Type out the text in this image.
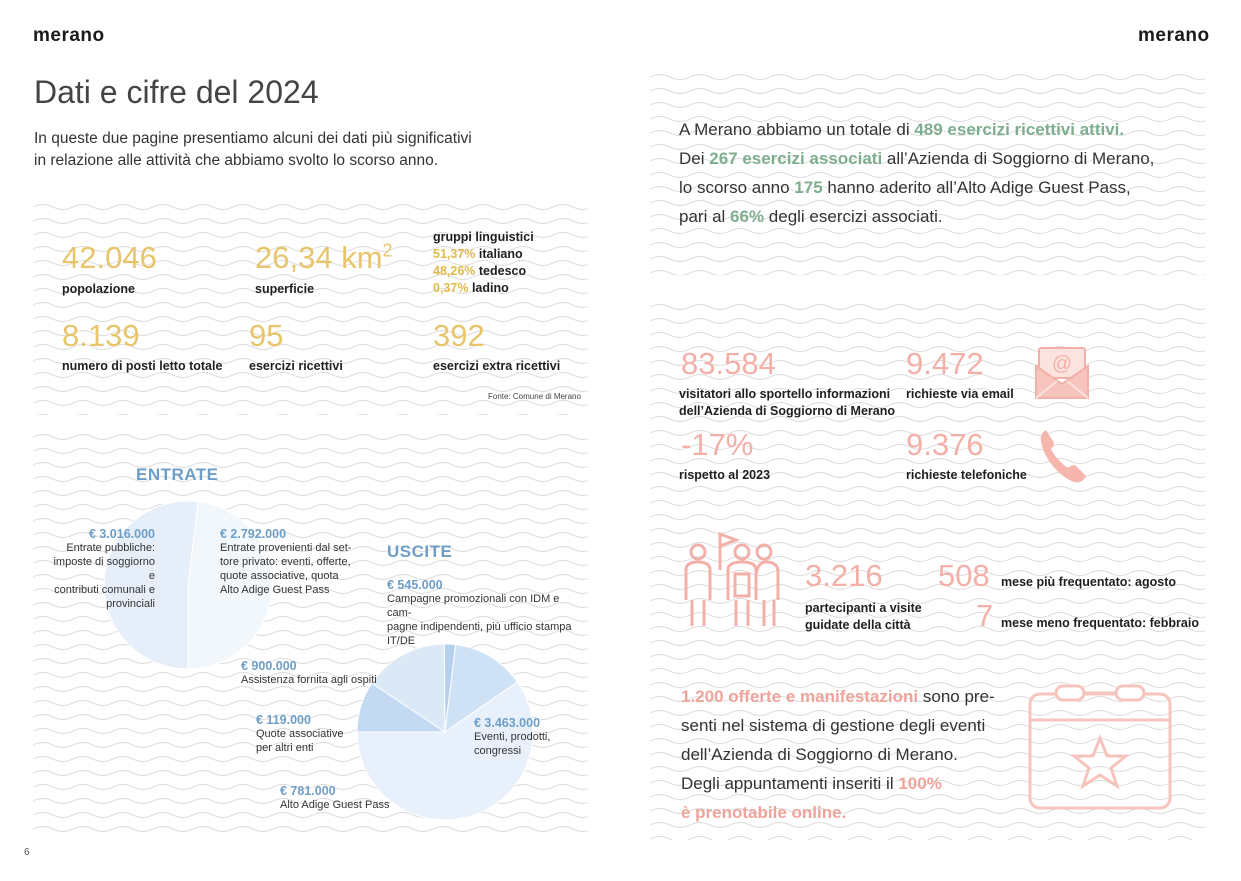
merano	merano
6
Dati e cifre del 2024
In queste due pagine presentiamo alcuni dei dati più significativi
in relazione alle attività che abbiamo svolto lo scorso anno.
42.046
popolazione
26,34 $km^2$
superficie
gruppi linguistici
51,37% italiano
48,26% tedesco
0,37% ladino
8.139
numero di posti letto totale
95
esercizi ricettivi
392
esercizi extra ricettivi
Fonte: Comune di Merano
ENTRATE
€ 3.016.000
Entrate pubbliche:
imposte di soggiorno e
contributi comunali e
provinciali
€ 2.792.000
Entrate provenienti dal set-
tore privato: eventi, offerte,
quote associative, quota
Alto Adige Guest Pass
USCITE
€ 545.000
Campagne promozionali con IDM e cam-
pagne indipendenti, più ufficio stampa
IT/DE
€ 900.000
Assistenza fornita agli ospiti
€ 119.000
Quote associative
per altri enti
€ 781.000
Alto Adige Guest Pass
€ 3.463.000
Eventi, prodotti,
congressi
A Merano abbiamo un totale di 489 esercizi ricettivi attivi.
Dei 267 esercizi associati all’Azienda di Soggiorno di Merano,
lo scorso anno 175 hanno aderito all’Alto Adige Guest Pass,
pari al 66% degli esercizi associati.
83.584
visitatori allo sportello informazioni
dell’Azienda di Soggiorno di Merano
9.472
richieste via email
@
-17%
rispetto al 2023
9.376
richieste telefoniche
3.216
partecipanti a visite
guidate della città
508 mese più frequentato: agosto
7 mese meno frequentato: febbraio
1.200 offerte e manifestazioni sono pre-
senti nel sistema di gestione degli eventi
dell’Azienda di Soggiorno di Merano.
Degli appuntamenti inseriti il 100%
è prenotabile online.
